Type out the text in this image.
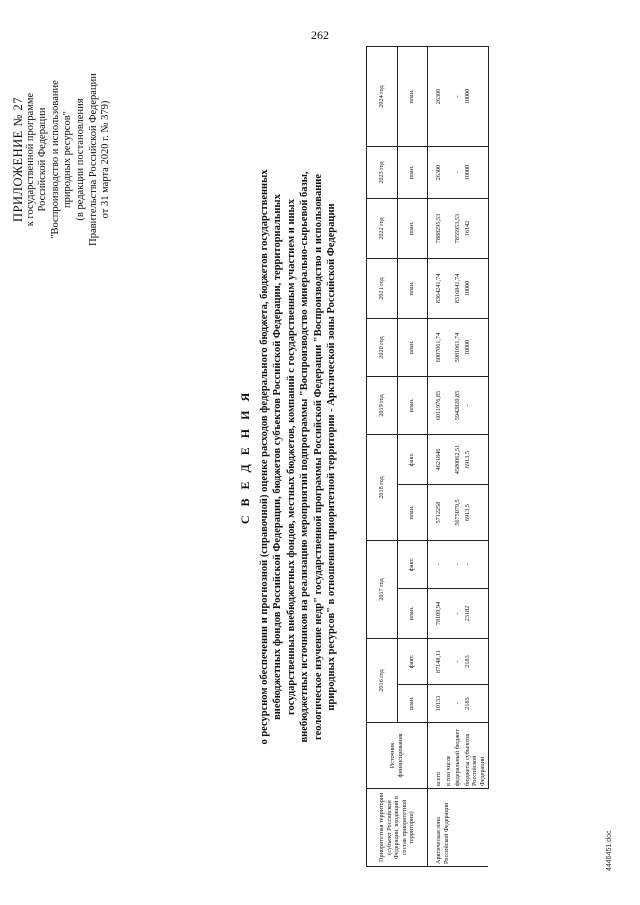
262
ПРИЛОЖЕНИЕ № 27 к государственной программе Российской Федерации "Воспроизводство и использование природных ресурсов" (в редакции постановления Правительства Российской Федерации от 31 марта 2020 г. № 379)
С В Е Д Е Н И Я о ресурсном обеспечении и прогнозной (справочной) оценке расходов федерального бюджета, бюджетов государственных внебюджетных фондов Российской Федерации, бюджетов субъектов Российской Федерации, территориальных государственных внебюджетных фондов, местных бюджетов, компаний с государственным участием и иных внебюджетных источников на реализацию мероприятий подпрограммы "Воспроизводство минерально-сырьевой базы, геологическое изучение недр" государственной программы Российской Федерации "Воспроизводство и использование природных ресурсов" в отношении приоритетной территории - Арктической зоны Российской Федерации
Приоритетная территория (субъект Российской Федерации, входящий в состав приоритетной территории)	Источник финансирования	2016 год		2017 год		2018 год		2019 год	2020 год	2021 год	2022 год	2023 год	2024 год
		план.	факт.	план.	факт.	план.	факт.	план.	план.	план.	план.	план.	план.
Арктическая зона Российской Федерации	всего	10133	87148,11	78109,94	-	5712258	4621846	6011976,85	6007061,74	8364241,74	7888295,53	26300	26300
	в том числе												
	федеральный бюджет	-	-	-	-	5675079,5	4580062,51	5942820,85	5981061,74	8316841,74	7855953,53	-	-
	бюджеты субъектов Российской Федерации	2183	2183	23182	-	6913,5	6913,5	-	10000	10000	16142	10000	10000
4446451.doc
